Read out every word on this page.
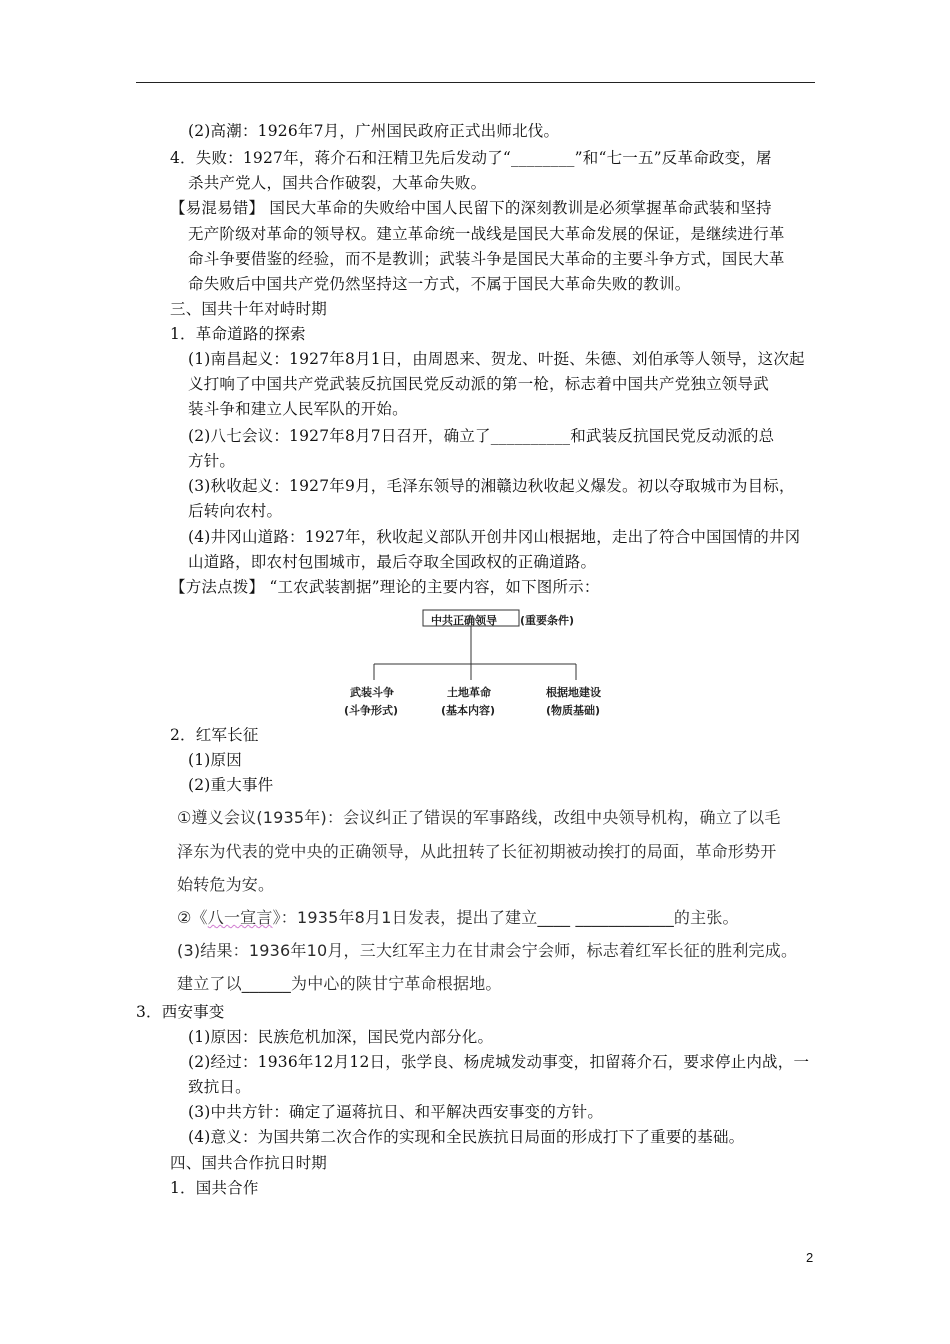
(2)高潮：1926年7月，广州国民政府正式出师北伐。
4．失败：1927年，蒋介石和汪精卫先后发动了“________”和“七一五”反革命政变，屠
杀共产党人，国共合作破裂，大革命失败。
【易混易错】 国民大革命的失败给中国人民留下的深刻教训是必须掌握革命武装和坚持
无产阶级对革命的领导权。建立革命统一战线是国民大革命发展的保证，是继续进行革
命斗争要借鉴的经验，而不是教训；武装斗争是国民大革命的主要斗争方式，国民大革
命失败后中国共产党仍然坚持这一方式，不属于国民大革命失败的教训。
三、国共十年对峙时期
1．革命道路的探索
(1)南昌起义：1927年8月1日，由周恩来、贺龙、叶挺、朱德、刘伯承等人领导，这次起
义打响了中国共产党武装反抗国民党反动派的第一枪，标志着中国共产党独立领导武
装斗争和建立人民军队的开始。
(2)八七会议：1927年8月7日召开，确立了__________和武装反抗国民党反动派的总
方针。
(3)秋收起义：1927年9月，毛泽东领导的湘赣边秋收起义爆发。初以夺取城市为目标，
后转向农村。
(4)井冈山道路：1927年，秋收起义部队开创井冈山根据地，走出了符合中国国情的井冈
山道路，即农村包围城市，最后夺取全国政权的正确道路。
【方法点拨】 “工农武装割据”理论的主要内容，如下图所示：
中共正确领导 (重要条件)
武装斗争
(斗争形式)
土地革命
(基本内容)
根据地建设
(物质基础)
2．红军长征
(1)原因
(2)重大事件
①遵义会议(1935年)：会议纠正了错误的军事路线，改组中央领导机构，确立了以毛
泽东为代表的党中央的正确领导，从此扭转了长征初期被动挨打的局面，革命形势开
始转危为安。
②《八一宣言》：1935年8月1日发表，提出了建立____ ____________的主张。
(3)结果：1936年10月，三大红军主力在甘肃会宁会师，标志着红军长征的胜利完成。
建立了以______为中心的陕甘宁革命根据地。
3．西安事变
(1)原因：民族危机加深，国民党内部分化。
(2)经过：1936年12月12日，张学良、杨虎城发动事变，扣留蒋介石，要求停止内战，一
致抗日。
(3)中共方针：确定了逼蒋抗日、和平解决西安事变的方针。
(4)意义：为国共第二次合作的实现和全民族抗日局面的形成打下了重要的基础。
四、国共合作抗日时期
1．国共合作
2
